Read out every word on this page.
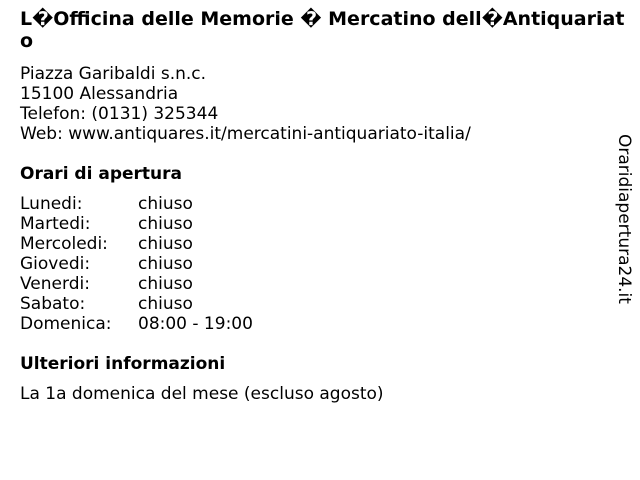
L�Officina delle Memorie � Mercatino dell�Antiquariato
Piazza Garibaldi s.n.c.
15100 Alessandria
Telefon: (0131) 325344
Web: www.antiquares.it/mercatini-antiquariato-italia/
Orari di apertura
Lunedi:	chiuso
Martedi:	chiuso
Mercoledi:	chiuso
Giovedi:	chiuso
Venerdi:	chiuso
Sabato:	chiuso
Domenica:	08:00 - 19:00
Ulteriori informazioni
La 1a domenica del mese (escluso agosto)
Oraridiapertura24.it
